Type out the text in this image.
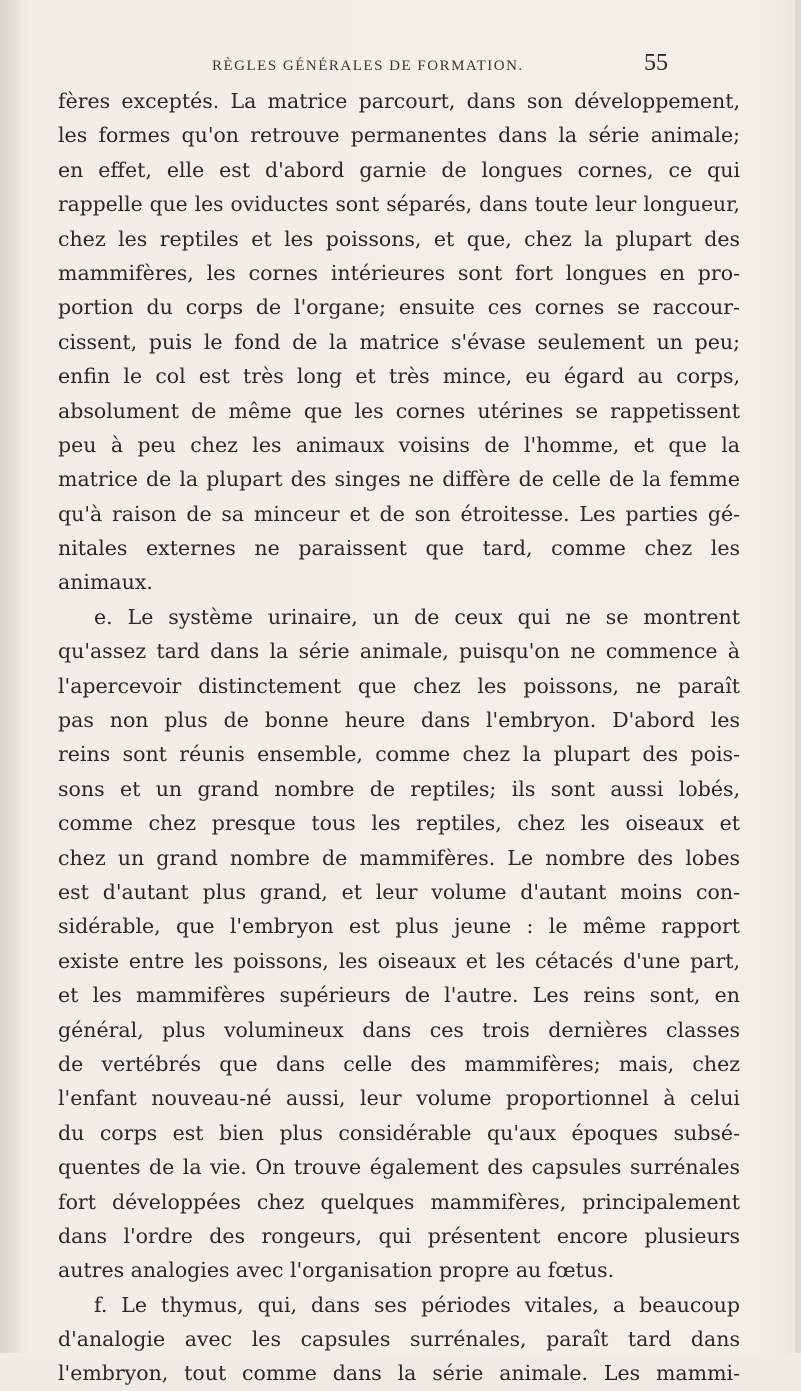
RÈGLES GÉNÉRALES DE FORMATION.	55
fères exceptés. La matrice parcourt, dans son développement,
les formes qu'on retrouve permanentes dans la série animale;
en effet, elle est d'abord garnie de longues cornes, ce qui
rappelle que les oviductes sont séparés, dans toute leur longueur,
chez les reptiles et les poissons, et que, chez la plupart des
mammifères, les cornes intérieures sont fort longues en pro-
portion du corps de l'organe; ensuite ces cornes se raccour-
cissent, puis le fond de la matrice s'évase seulement un peu;
enfin le col est très long et très mince, eu égard au corps,
absolument de même que les cornes utérines se rappetissent
peu à peu chez les animaux voisins de l'homme, et que la
matrice de la plupart des singes ne diffère de celle de la femme
qu'à raison de sa minceur et de son étroitesse. Les parties gé-
nitales externes ne paraissent que tard, comme chez les
animaux.
e. Le système urinaire, un de ceux qui ne se montrent
qu'assez tard dans la série animale, puisqu'on ne commence à
l'apercevoir distinctement que chez les poissons, ne paraît
pas non plus de bonne heure dans l'embryon. D'abord les
reins sont réunis ensemble, comme chez la plupart des pois-
sons et un grand nombre de reptiles; ils sont aussi lobés,
comme chez presque tous les reptiles, chez les oiseaux et
chez un grand nombre de mammifères. Le nombre des lobes
est d'autant plus grand, et leur volume d'autant moins con-
sidérable, que l'embryon est plus jeune : le même rapport
existe entre les poissons, les oiseaux et les cétacés d'une part,
et les mammifères supérieurs de l'autre. Les reins sont, en
général, plus volumineux dans ces trois dernières classes
de vertébrés que dans celle des mammifères; mais, chez
l'enfant nouveau-né aussi, leur volume proportionnel à celui
du corps est bien plus considérable qu'aux époques subsé-
quentes de la vie. On trouve également des capsules surrénales
fort développées chez quelques mammifères, principalement
dans l'ordre des rongeurs, qui présentent encore plusieurs
autres analogies avec l'organisation propre au fœtus.
f. Le thymus, qui, dans ses périodes vitales, a beaucoup
d'analogie avec les capsules surrénales, paraît tard dans
l'embryon, tout comme dans la série animale. Les mammi-
